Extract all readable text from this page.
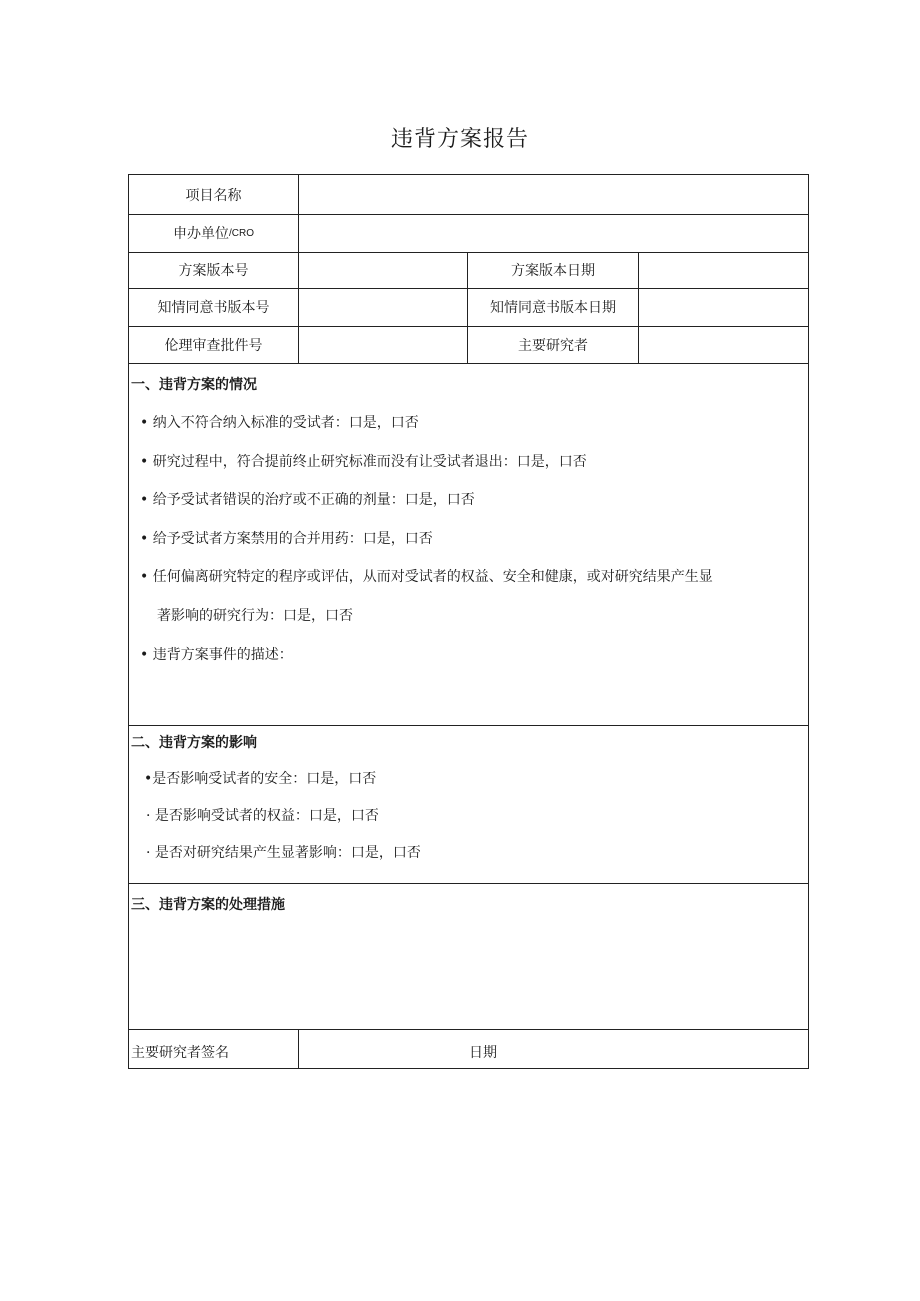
违背方案报告
项目名称
申办单位 /CRO
方案版本号	方案版本日期
知情同意书版本号	知情同意书版本日期
伦理审查批件号	主要研究者
一、违背方案的情况
• 纳入不符合纳入标准的受试者：口是，口否
• 研究过程中，符合提前终止研究标准而没有让受试者退出：口是，口否
• 给予受试者错误的治疗或不正确的剂量：口是，口否
• 给予受试者方案禁用的合并用药：口是，口否
• 任何偏离研究特定的程序或评估，从而对受试者的权益、安全和健康，或对研究结果产生显
著影响的研究行为：口是，口否
• 违背方案事件的描述：
二、违背方案的影响
•是否影响受试者的安全：口是，口否
· 是否影响受试者的权益：口是，口否
· 是否对研究结果产生显著影响：口是，口否
三、违背方案的处理措施
主要研究者签名	日期
